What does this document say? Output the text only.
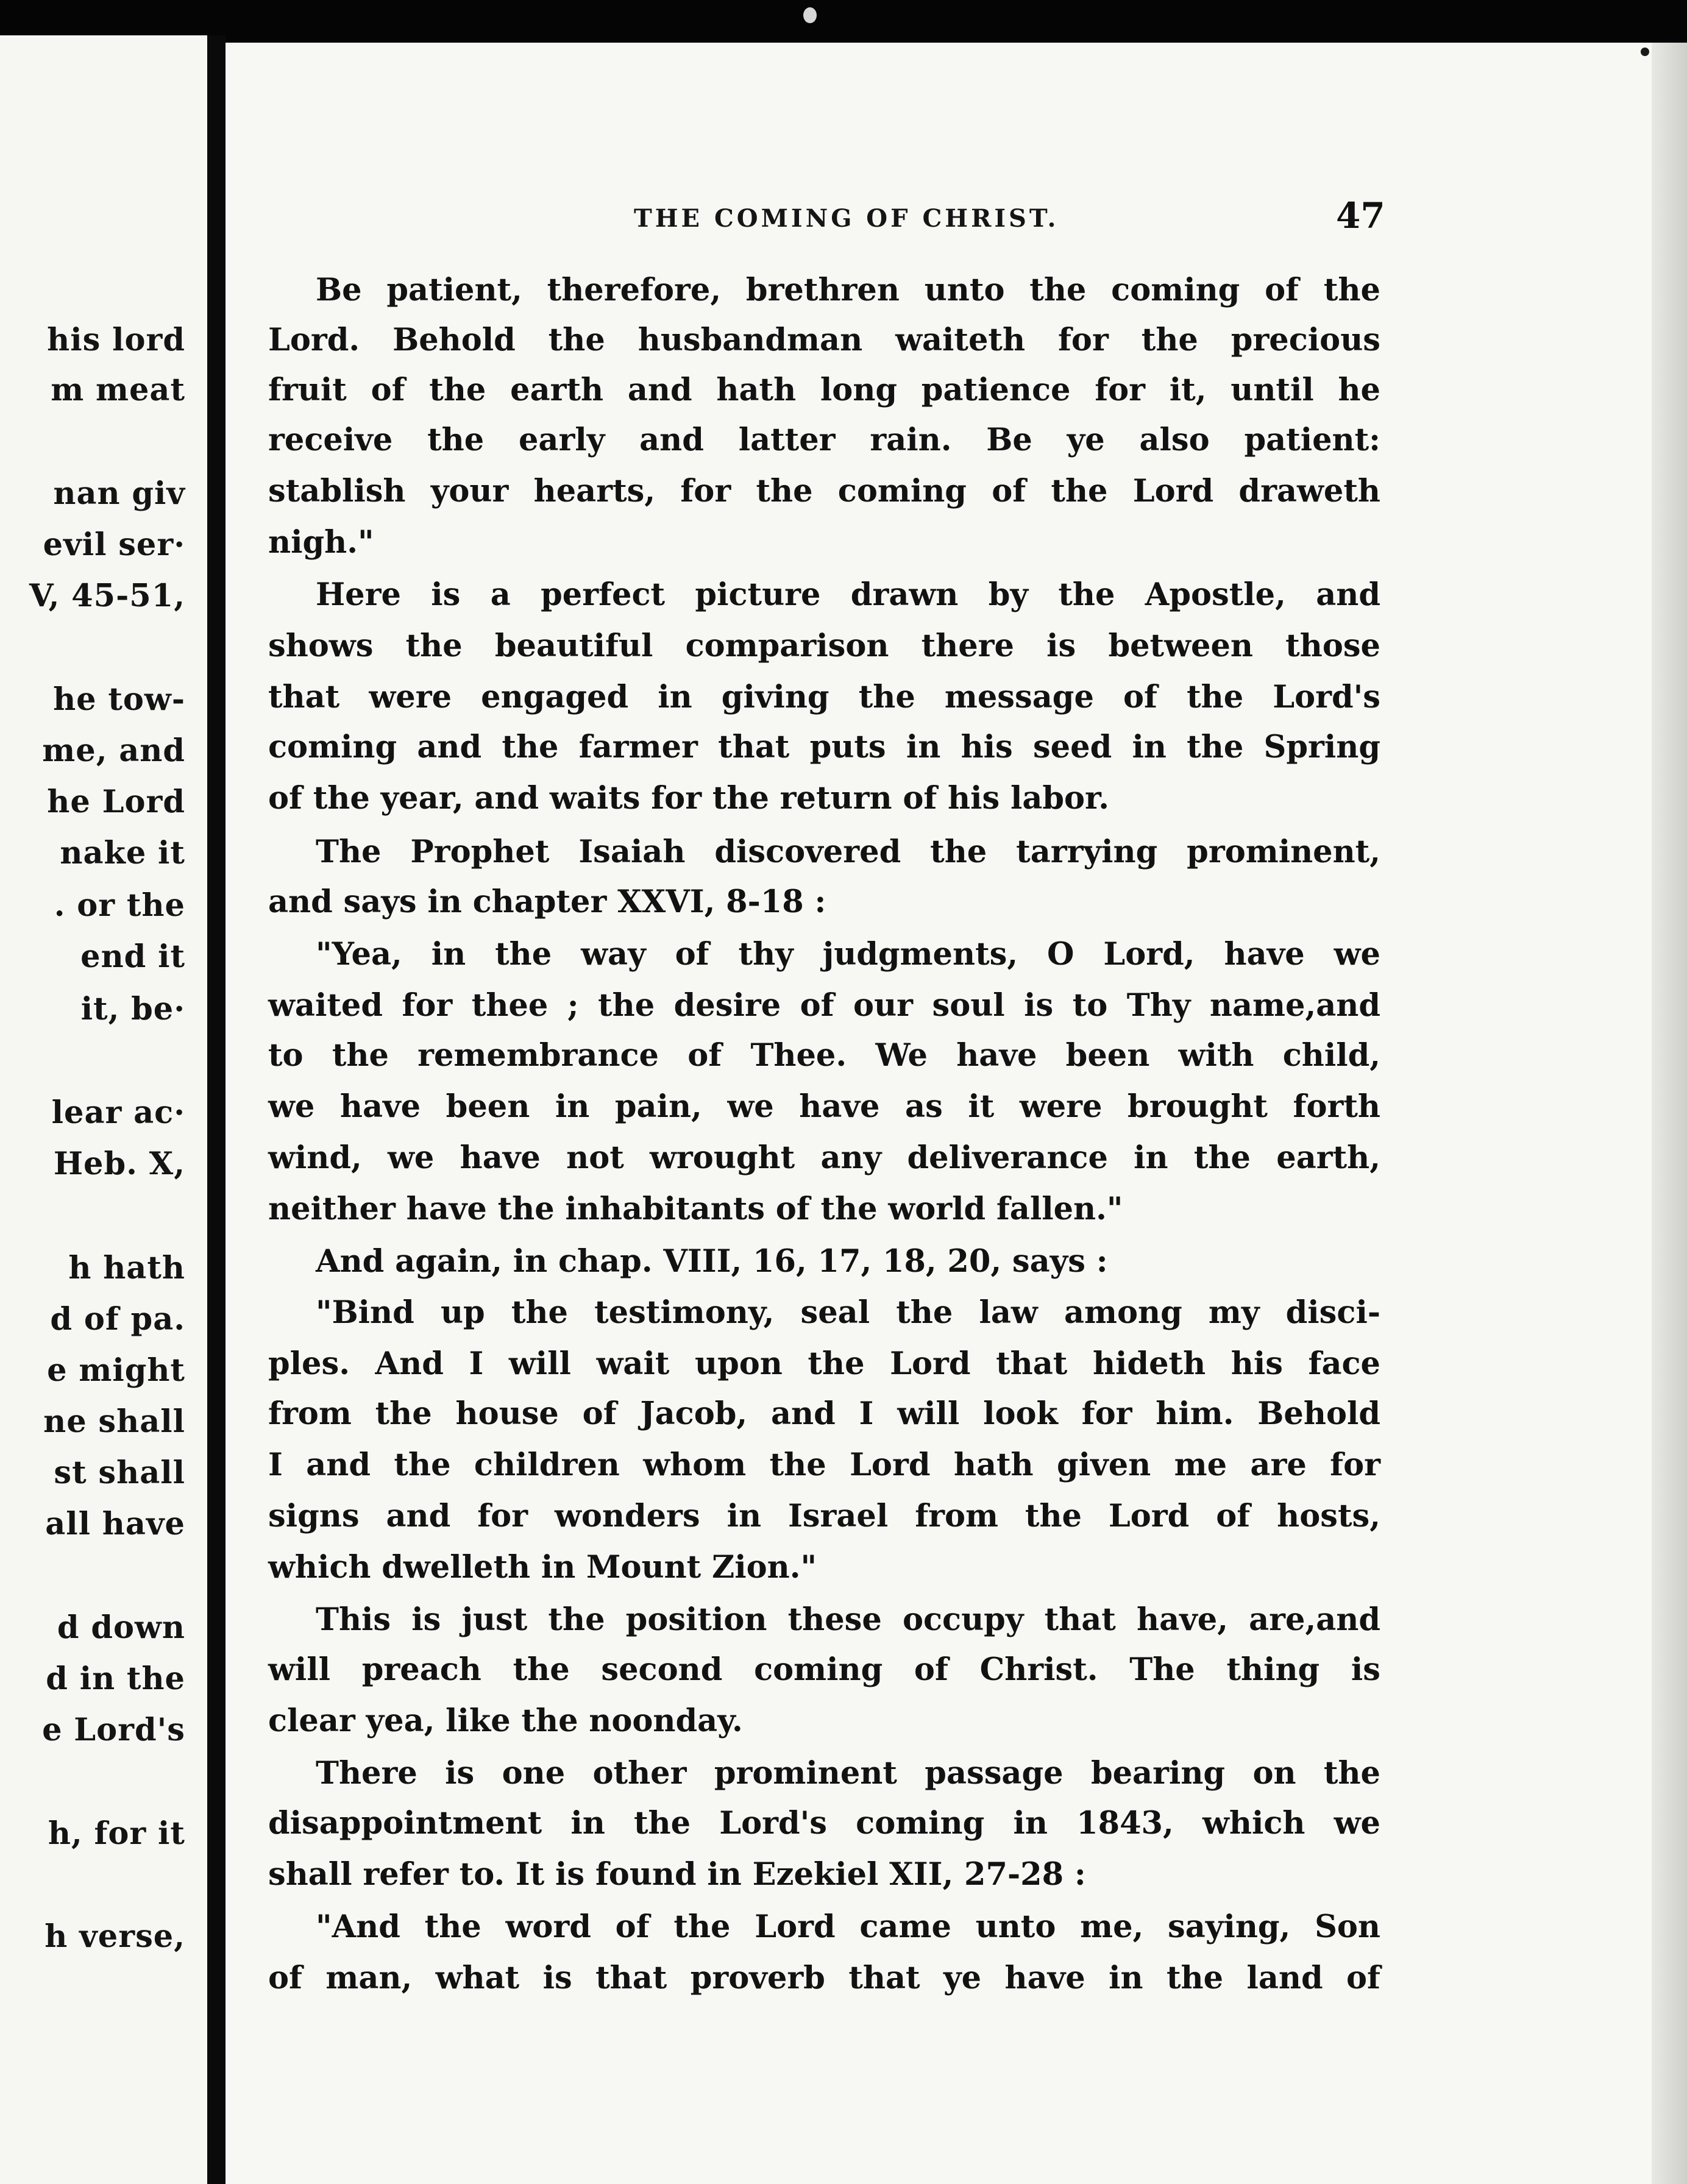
his lord
m meat
nan giv
evil ser·
V, 45-51,
he tow-
me, and
he Lord
nake it
. or the
end it
it, be·
lear ac·
Heb. X,
h hath
d of pa.
e might
ne shall
st shall
all have
d down
d in the
e Lord's
h, for it
h verse,
THE COMING OF CHRIST.	47
Be patient, therefore, brethren unto the coming of the
Lord. Behold the husbandman waiteth for the precious
fruit of the earth and hath long patience for it, until he
receive the early and latter rain. Be ye also patient:
stablish your hearts, for the coming of the Lord draweth
nigh."
Here is a perfect picture drawn by the Apostle, and
shows the beautiful comparison there is between those
that were engaged in giving the message of the Lord's
coming and the farmer that puts in his seed in the Spring
of the year, and waits for the return of his labor.
The Prophet Isaiah discovered the tarrying prominent,
and says in chapter XXVI, 8-18 :
"Yea, in the way of thy judgments, O Lord, have we
waited for thee ; the desire of our soul is to Thy name,and
to the remembrance of Thee. We have been with child,
we have been in pain, we have as it were brought forth
wind, we have not wrought any deliverance in the earth,
neither have the inhabitants of the world fallen."
And again, in chap. VIII, 16, 17, 18, 20, says :
"Bind up the testimony, seal the law among my disci-
ples. And I will wait upon the Lord that hideth his face
from the house of Jacob, and I will look for him. Behold
I and the children whom the Lord hath given me are for
signs and for wonders in Israel from the Lord of hosts,
which dwelleth in Mount Zion."
This is just the position these occupy that have, are,and
will preach the second coming of Christ. The thing is
clear yea, like the noonday.
There is one other prominent passage bearing on the
disappointment in the Lord's coming in 1843, which we
shall refer to. It is found in Ezekiel XII, 27-28 :
"And the word of the Lord came unto me, saying, Son
of man, what is that proverb that ye have in the land of
